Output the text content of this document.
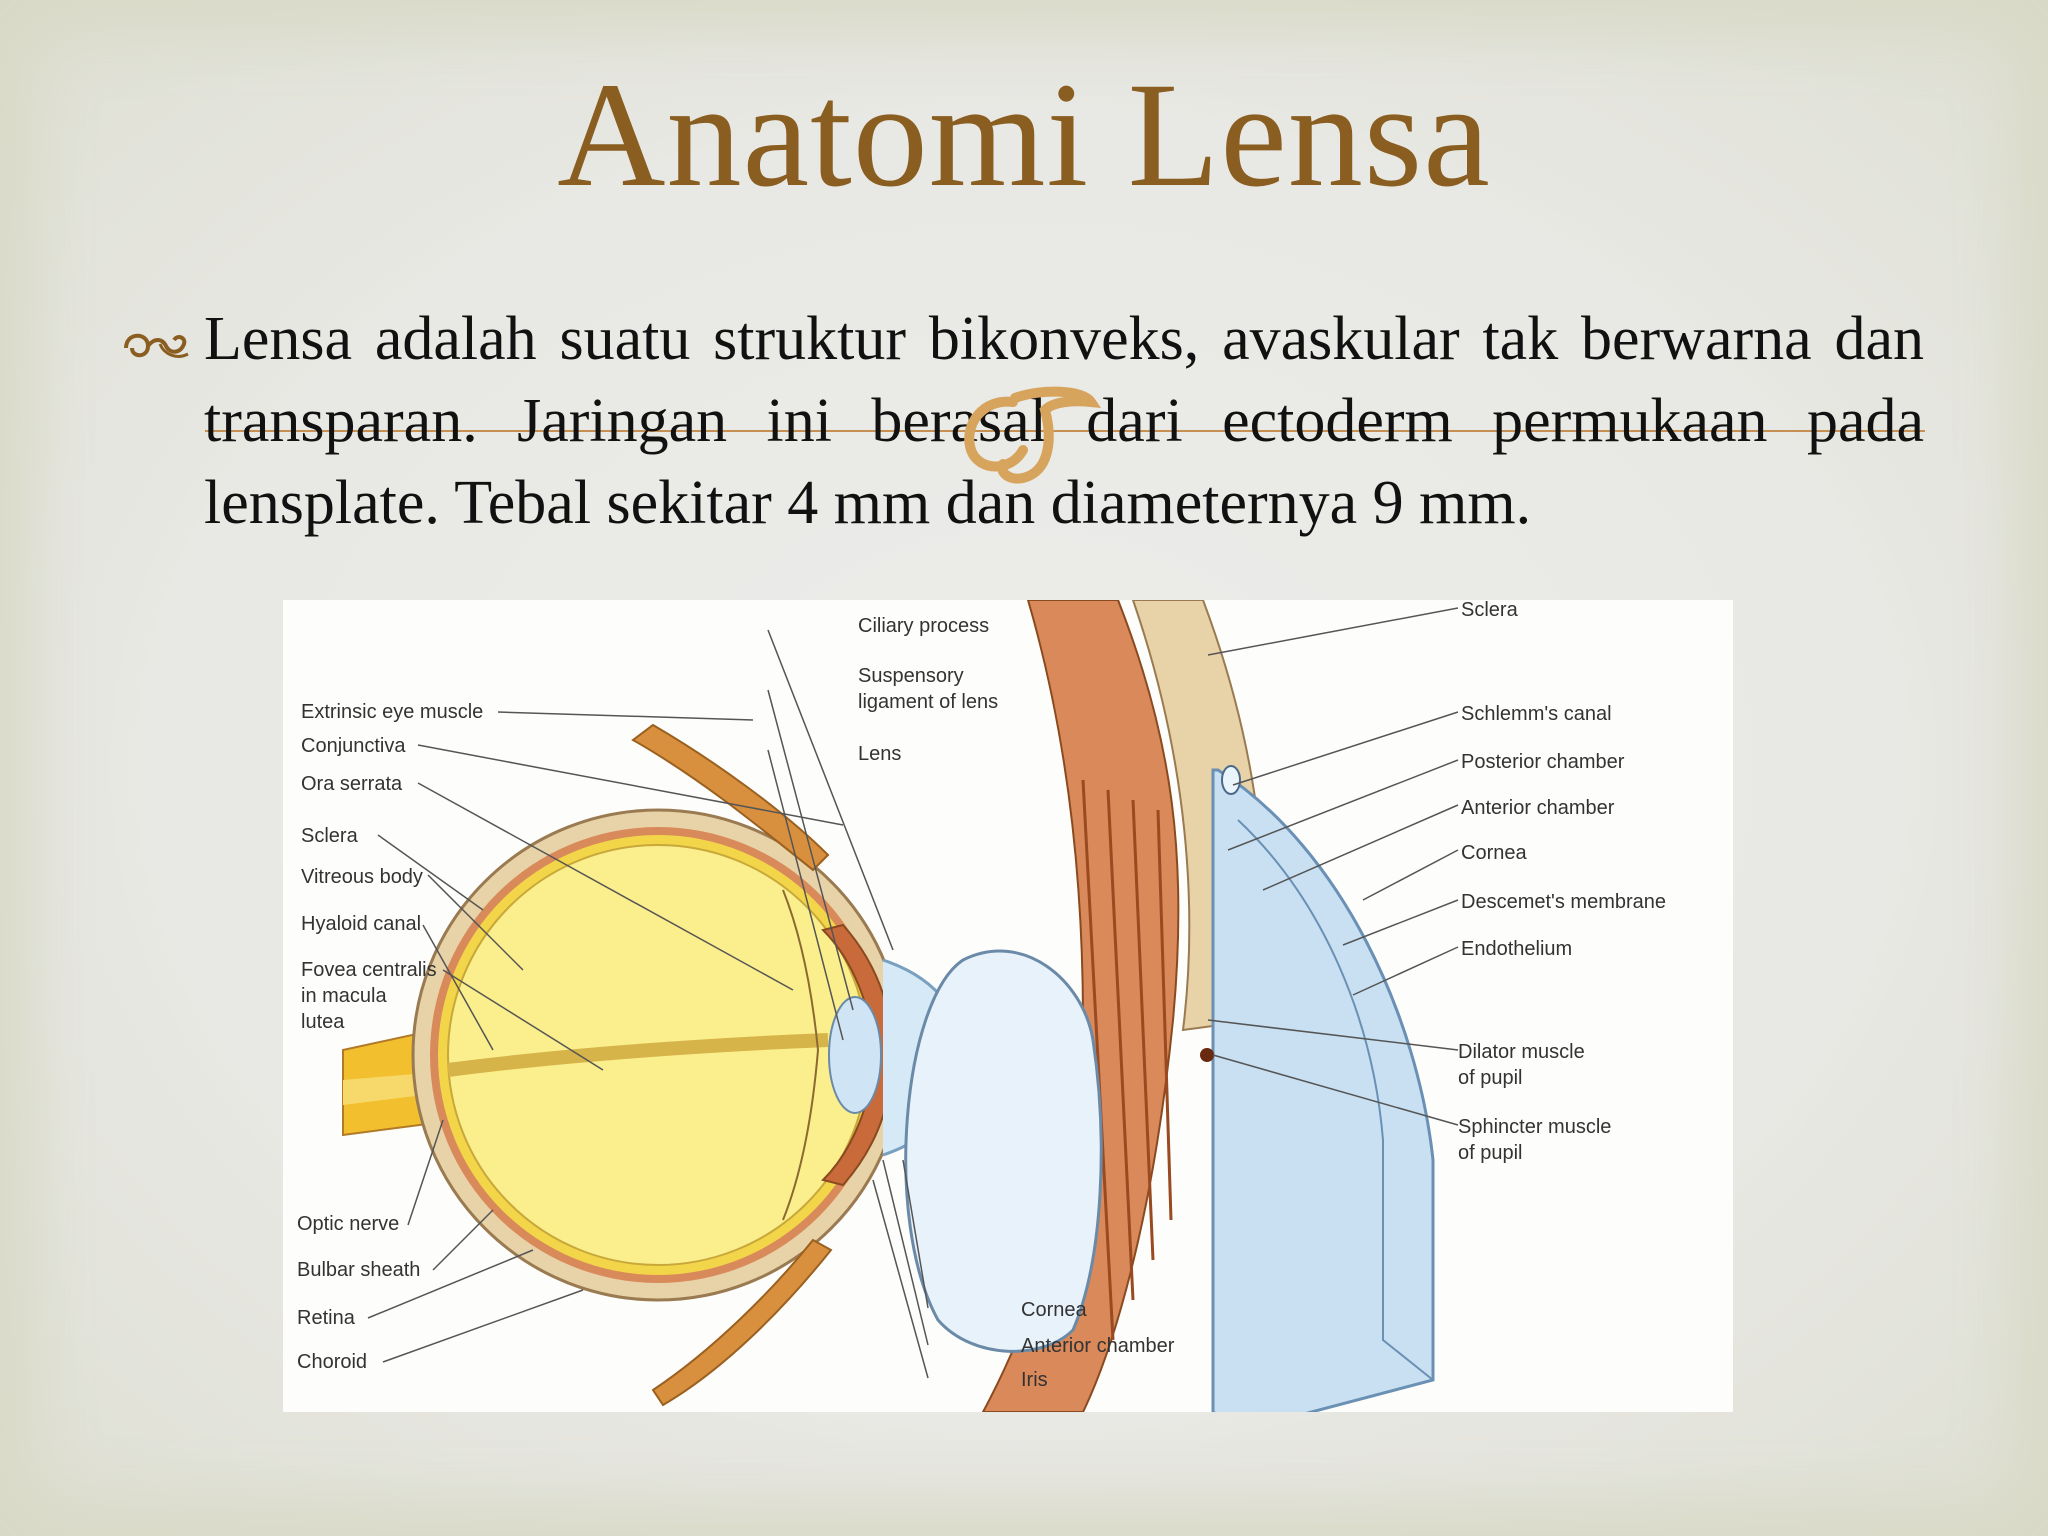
Anatomi Lensa
Lensa adalah suatu struktur bikonveks, avaskular tak berwarna dan transparan. Jaringan ini berasal dari ectoderm permukaan pada lensplate. Tebal sekitar 4 mm dan diameternya 9 mm.
Extrinsic eye muscle
Conjunctiva
Ora serrata
Sclera
Vitreous body
Hyaloid canal
Fovea centralis
in macula
lutea
Optic nerve
Bulbar sheath
Retina
Choroid
Ciliary process
Suspensory
ligament of lens
Lens
Cornea
Anterior chamber
Iris
Sclera
Schlemm's canal
Posterior chamber
Anterior chamber
Cornea
Descemet's membrane
Endothelium
Dilator muscle
of pupil
Sphincter muscle
of pupil
